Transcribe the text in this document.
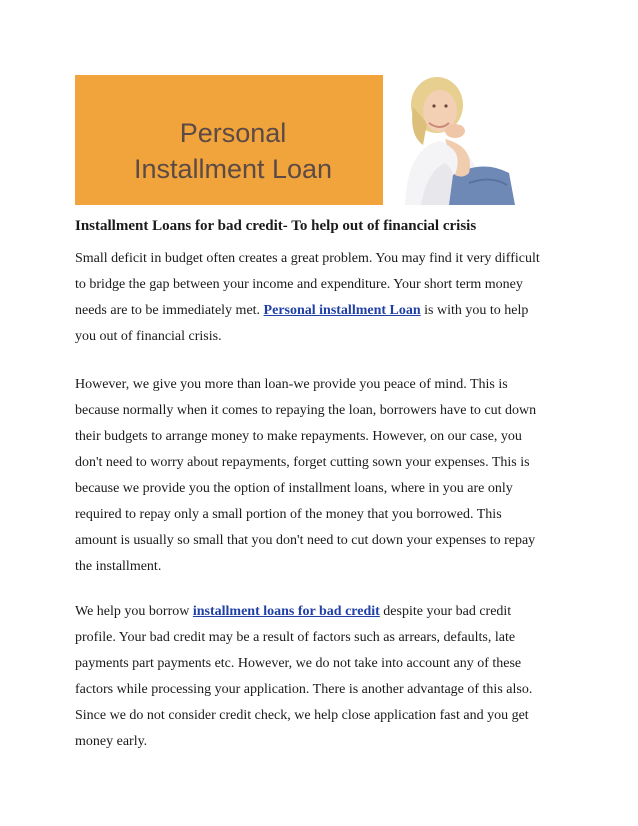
Personal
Installment Loan
Installment Loans for bad credit- To help out of financial crisis

Small deficit in budget often creates a great problem. You may find it very difficult
to bridge the gap between your income and expenditure. Your short term money
needs are to be immediately met. Personal installment Loan is with you to help
you out of financial crisis.

However, we give you more than loan-we provide you peace of mind. This is
because normally when it comes to repaying the loan, borrowers have to cut down
their budgets to arrange money to make repayments. However, on our case, you
don't need to worry about repayments, forget cutting sown your expenses. This is
because we provide you the option of installment loans, where in you are only
required to repay only a small portion of the money that you borrowed. This
amount is usually so small that you don't need to cut down your expenses to repay
the installment.

We help you borrow installment loans for bad credit despite your bad credit
profile. Your bad credit may be a result of factors such as arrears, defaults, late
payments part payments etc. However, we do not take into account any of these
factors while processing your application. There is another advantage of this also.
Since we do not consider credit check, we help close application fast and you get
money early.
